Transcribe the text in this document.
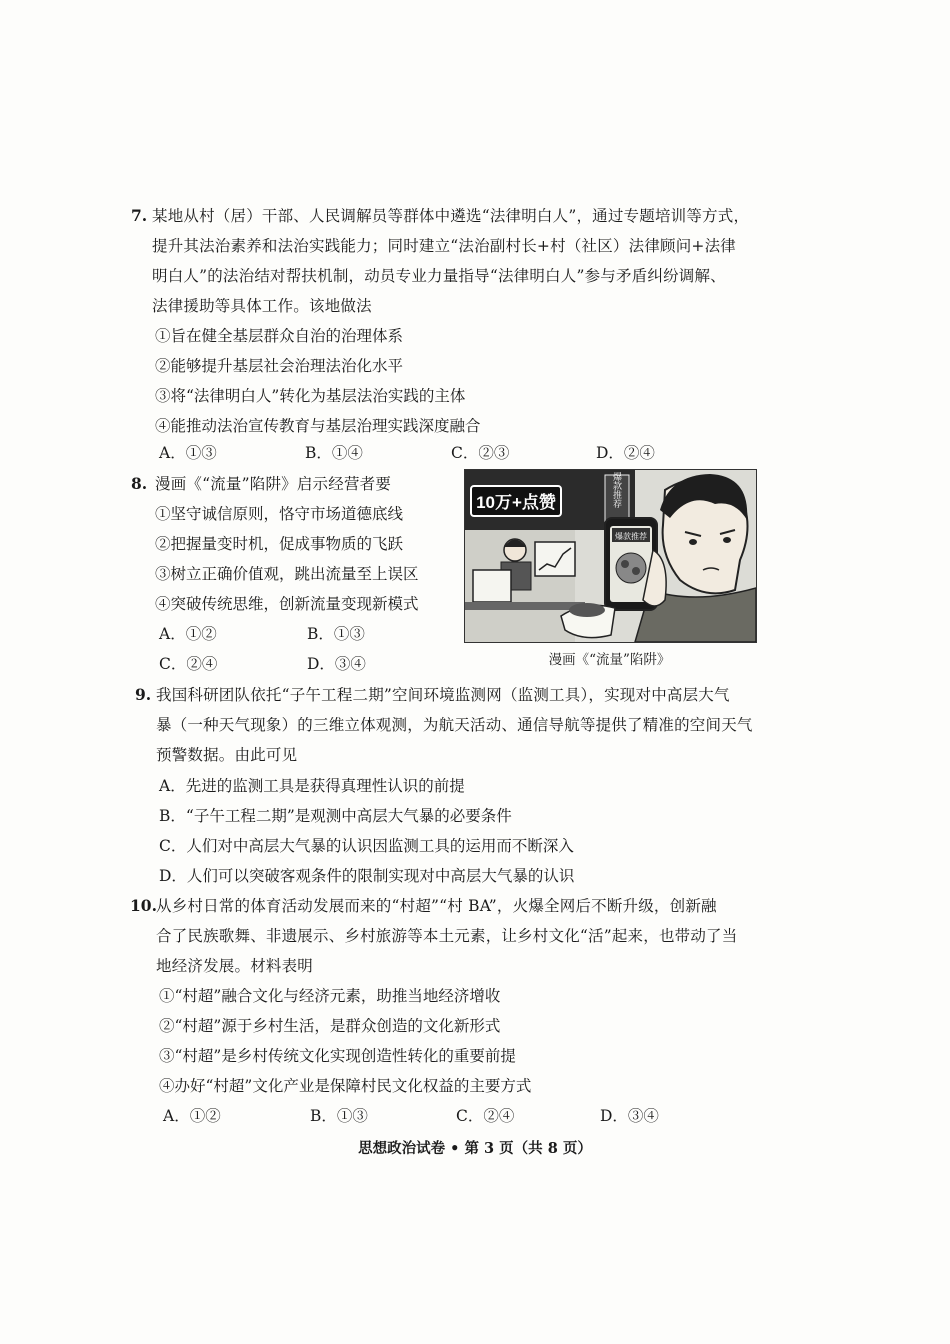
7. 某地从村（居）干部、人民调解员等群体中遴选“法律明白人”，通过专题培训等方式，
提升其法治素养和法治实践能力；同时建立“法治副村长+村（社区）法律顾问+法律
明白人”的法治结对帮扶机制，动员专业力量指导“法律明白人”参与矛盾纠纷调解、
法律援助等具体工作。该地做法
①旨在健全基层群众自治的治理体系
②能够提升基层社会治理法治化水平
③将“法律明白人”转化为基层法治实践的主体
④能推动法治宣传教育与基层治理实践深度融合
A．①③	B．①④	C．②③	D．②④
8. 漫画《“流量”陷阱》启示经营者要
①坚守诚信原则，恪守市场道德底线
②把握量变时机，促成事物质的飞跃
③树立正确价值观，跳出流量至上误区
④突破传统思维，创新流量变现新模式
A．①②	B．①③
C．②④	D．③④
10万+点赞	爆款推荐
爆款推荐
漫画《“流量”陷阱》
9. 我国科研团队依托“子午工程二期”空间环境监测网（监测工具），实现对中高层大气
暴（一种天气现象）的三维立体观测，为航天活动、通信导航等提供了精准的空间天气
预警数据。由此可见
A．先进的监测工具是获得真理性认识的前提
B．“子午工程二期”是观测中高层大气暴的必要条件
C．人们对中高层大气暴的认识因监测工具的运用而不断深入
D．人们可以突破客观条件的限制实现对中高层大气暴的认识
10. 从乡村日常的体育活动发展而来的“村超”“村 BA”，火爆全网后不断升级，创新融
合了民族歌舞、非遗展示、乡村旅游等本土元素，让乡村文化“活”起来，也带动了当
地经济发展。材料表明
①“村超”融合文化与经济元素，助推当地经济增收
②“村超”源于乡村生活，是群众创造的文化新形式
③“村超”是乡村传统文化实现创造性转化的重要前提
④办好“村超”文化产业是保障村民文化权益的主要方式
A．①②	B．①③	C．②④	D．③④
思想政治试卷 • 第 3 页（共 8 页）
